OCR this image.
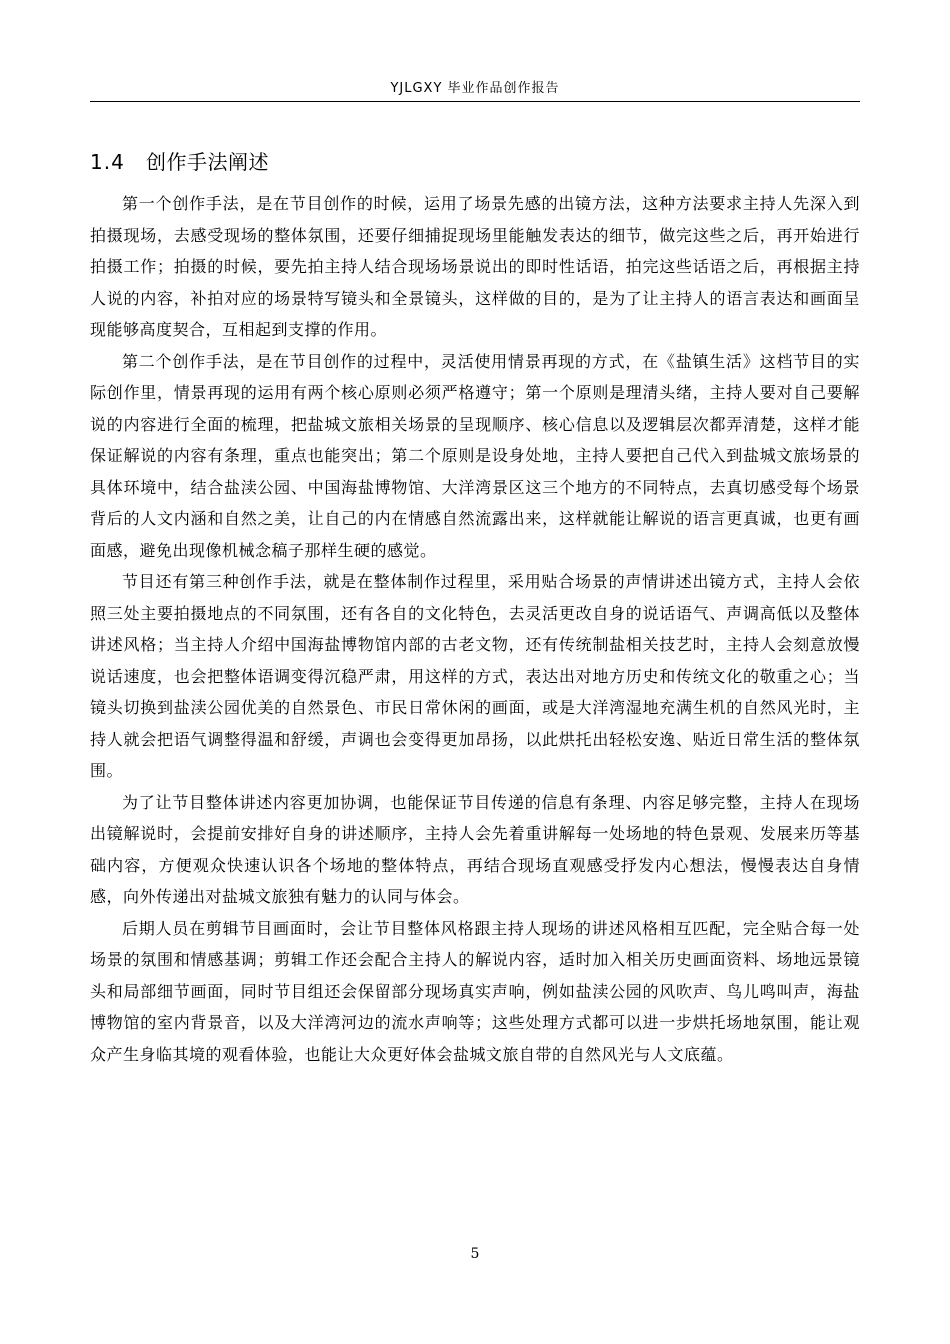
YJLGXY 毕业作品创作报告
1.4 创作手法阐述

第一个创作手法，是在节目创作的时候，运用了场景先感的出镜方法，这种方法要求主持人先深入到拍摄现场，去感受现场的整体氛围，还要仔细捕捉现场里能触发表达的细节，做完这些之后，再开始进行拍摄工作；拍摄的时候，要先拍主持人结合现场场景说出的即时性话语，拍完这些话语之后，再根据主持人说的内容，补拍对应的场景特写镜头和全景镜头，这样做的目的，是为了让主持人的语言表达和画面呈现能够高度契合，互相起到支撑的作用。

第二个创作手法，是在节目创作的过程中，灵活使用情景再现的方式，在《盐镇生活》这档节目的实际创作里，情景再现的运用有两个核心原则必须严格遵守；第一个原则是理清头绪，主持人要对自己要解说的内容进行全面的梳理，把盐城文旅相关场景的呈现顺序、核心信息以及逻辑层次都弄清楚，这样才能保证解说的内容有条理，重点也能突出；第二个原则是设身处地，主持人要把自己代入到盐城文旅场景的具体环境中，结合盐渎公园、中国海盐博物馆、大洋湾景区这三个地方的不同特点，去真切感受每个场景背后的人文内涵和自然之美，让自己的内在情感自然流露出来，这样就能让解说的语言更真诚，也更有画面感，避免出现像机械念稿子那样生硬的感觉。

节目还有第三种创作手法，就是在整体制作过程里，采用贴合场景的声情讲述出镜方式，主持人会依照三处主要拍摄地点的不同氛围，还有各自的文化特色，去灵活更改自身的说话语气、声调高低以及整体讲述风格；当主持人介绍中国海盐博物馆内部的古老文物，还有传统制盐相关技艺时，主持人会刻意放慢说话速度，也会把整体语调变得沉稳严肃，用这样的方式，表达出对地方历史和传统文化的敬重之心；当镜头切换到盐渎公园优美的自然景色、市民日常休闲的画面，或是大洋湾湿地充满生机的自然风光时，主持人就会把语气调整得温和舒缓，声调也会变得更加昂扬，以此烘托出轻松安逸、贴近日常生活的整体氛围。

为了让节目整体讲述内容更加协调，也能保证节目传递的信息有条理、内容足够完整，主持人在现场出镜解说时，会提前安排好自身的讲述顺序，主持人会先着重讲解每一处场地的特色景观、发展来历等基础内容，方便观众快速认识各个场地的整体特点，再结合现场直观感受抒发内心想法，慢慢表达自身情感，向外传递出对盐城文旅独有魅力的认同与体会。

后期人员在剪辑节目画面时，会让节目整体风格跟主持人现场的讲述风格相互匹配，完全贴合每一处场景的氛围和情感基调；剪辑工作还会配合主持人的解说内容，适时加入相关历史画面资料、场地远景镜头和局部细节画面，同时节目组还会保留部分现场真实声响，例如盐渎公园的风吹声、鸟儿鸣叫声，海盐博物馆的室内背景音，以及大洋湾河边的流水声响等；这些处理方式都可以进一步烘托场地氛围，能让观众产生身临其境的观看体验，也能让大众更好体会盐城文旅自带的自然风光与人文底蕴。

5
